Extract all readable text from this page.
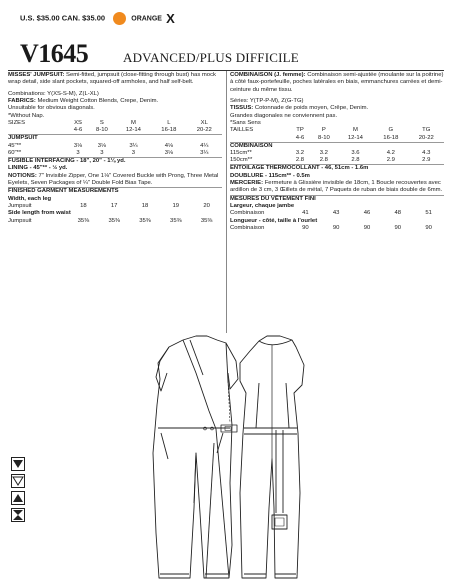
U.S. $35.00 CAN. $35.00	ORANGE X
V1645	ADVANCED/PLUS DIFFICILE

MISSES' JUMPSUIT: Semi-fitted, jumpsuit (close-fitting through bust) has mock wrap detail, side slant pockets, squared-off armholes, and half self-belt.

Combinations: Y(XS-S-M), Z(L-XL)

FABRICS: Medium Weight Cotton Blends, Crepe, Denim.

Unsuitable for obvious diagonals.

*Without Nap.

SIZES	XS	S	M	L	XL
	4-6	8-10	12-14	16-18	20-22
JUMPSUIT					
45"**	3⅛	3⅛	3¼	4⅛	4¼
60"**	3	3	3	3⅛	3¼

FUSIBLE INTERFACING - 18", 20" - 1⅛ yd.

LINING - 45"** - ½ yd.

NOTIONS: 7" Invisible Zipper, One 1⅛" Covered Buckle with Prong, Three Metal Eyelets, Seven Packages of ¼" Double Fold Bias Tape.

FINISHED GARMENT MEASUREMENTS

Width, each leg

Jumpsuit	18	17	18	19	20

Side length from waist

Jumpsuit	35⅜	35⅜	35⅜	35⅜	35⅜

COMBINAISON (J. femme): Combinaison semi-ajustée (moulante sur la poitrine) à côté faux-portefeuille, poches latérales en biais, emmanchures carrées et demi-ceinture du même tissu.

Séries: Y(TP-P-M), Z(G-TG)

TISSUS: Cotonnade de poids moyen, Crêpe, Denim.

Grandes diagonales ne conviennent pas.

*Sans Sens

TAILLES	TP	P	M	G	TG
	4-6	8-10	12-14	16-18	20-22
COMBINAISON					
115cm**	3.2	3.2	3.6	4.2	4.3
150cm**	2.8	2.8	2.8	2.9	2.9

ENTOILAGE THERMOCOLLANT - 46, 51cm - 1.6m

DOUBLURE - 115cm** - 0.5m

MERCERIE: Fermeture à Glissière invisible de 18cm, 1 Boucle recouvertes avec ardillon de 3 cm, 3 Œillets de métal, 7 Paquets de ruban de biais double de 6mm.

MESURES DU VÊTEMENT FINI

Largeur, chaque jambe

Combinaison	41	43	46	48	51

Longueur - côté, taille à l'ourlet

Combinaison	90	90	90	90	90
